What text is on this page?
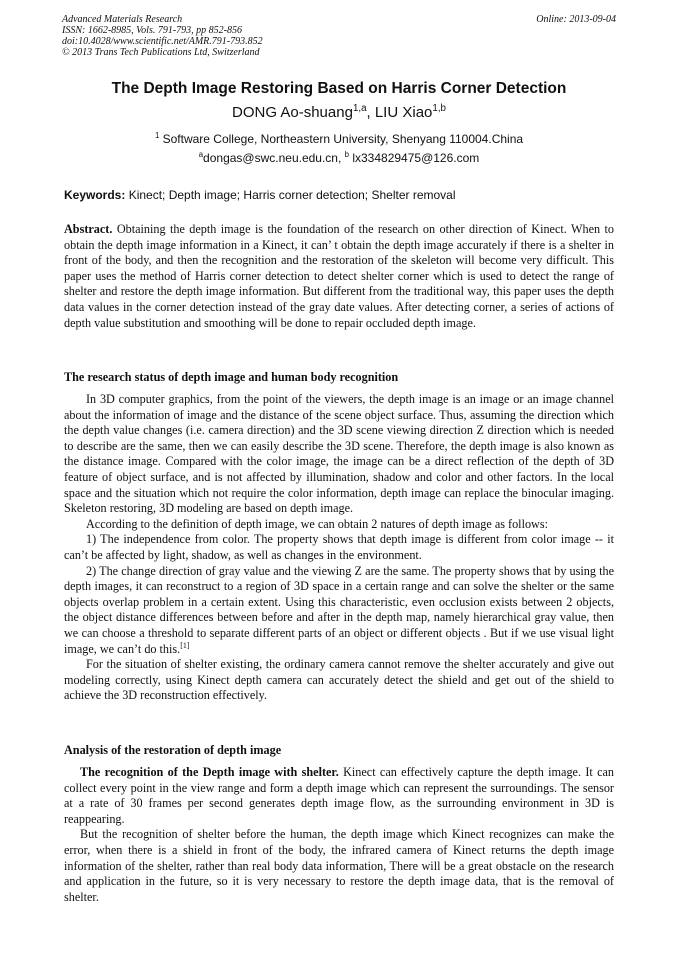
Advanced Materials Research
ISSN: 1662-8985, Vols. 791-793, pp 852-856
doi:10.4028/www.scientific.net/AMR.791-793.852
© 2013 Trans Tech Publications Ltd, Switzerland
Online: 2013-09-04
The Depth Image Restoring Based on Harris Corner Detection
DONG Ao-shuang$^{1,a}$, LIU Xiao$^{1,b}$
$^1$ Software College, Northeastern University, Shenyang 110004.China
$^a$dongas@swc.neu.edu.cn, $^b$ lx334829475@126.com
Keywords: Kinect; Depth image; Harris corner detection; Shelter removal

Abstract. Obtaining the depth image is the foundation of the research on other direction of Kinect. When to obtain the depth image information in a Kinect, it can’ t obtain the depth image accurately if there is a shelter in front of the body, and then the recognition and the restoration of the skeleton will become very difficult. This paper uses the method of Harris corner detection to detect shelter corner which is used to detect the range of shelter and restore the depth image information. But different from the traditional way, this paper uses the depth data values in the corner detection instead of the gray date values. After detecting corner, a series of actions of depth value substitution and smoothing will be done to repair occluded depth image.

The research status of depth image and human body recognition

In 3D computer graphics, from the point of the viewers, the depth image is an image or an image channel about the information of image and the distance of the scene object surface. Thus, assuming the direction which the depth value changes (i.e. camera direction) and the 3D scene viewing direction Z direction which is needed to describe are the same, then we can easily describe the 3D scene. Therefore, the depth image is also known as the distance image. Compared with the color image, the image can be a direct reflection of the depth of 3D feature of object surface, and is not affected by illumination, shadow and color and other factors. In the local space and the situation which not require the color information, depth image can replace the binocular imaging. Skeleton restoring, 3D modeling are based on depth image.

According to the definition of depth image, we can obtain 2 natures of depth image as follows:

1) The independence from color. The property shows that depth image is different from color image -- it can’t be affected by light, shadow, as well as changes in the environment.

2) The change direction of gray value and the viewing Z are the same. The property shows that by using the depth images, it can reconstruct to a region of 3D space in a certain range and can solve the shelter or the same objects overlap problem in a certain extent. Using this characteristic, even occlusion exists between 2 objects, the object distance differences between before and after in the depth map, namely hierarchical gray value, then we can choose a threshold to separate different parts of an object or different objects . But if we use visual light image, we can’t do this.[1]

For the situation of shelter existing, the ordinary camera cannot remove the shelter accurately and give out modeling correctly, using Kinect depth camera can accurately detect the shield and get out of the shield to achieve the 3D reconstruction effectively.

Analysis of the restoration of depth image

The recognition of the Depth image with shelter. Kinect can effectively capture the depth image. It can collect every point in the view range and form a depth image which can represent the surroundings. The sensor at a rate of 30 frames per second generates depth image flow, as the surrounding environment in 3D is reappearing.

But the recognition of shelter before the human, the depth image which Kinect recognizes can make the error, when there is a shield in front of the body, the infrared camera of Kinect returns the depth image information of the shelter, rather than real body data information, There will be a great obstacle on the research and application in the future, so it is very necessary to restore the depth image data, that is the removal of shelter.
